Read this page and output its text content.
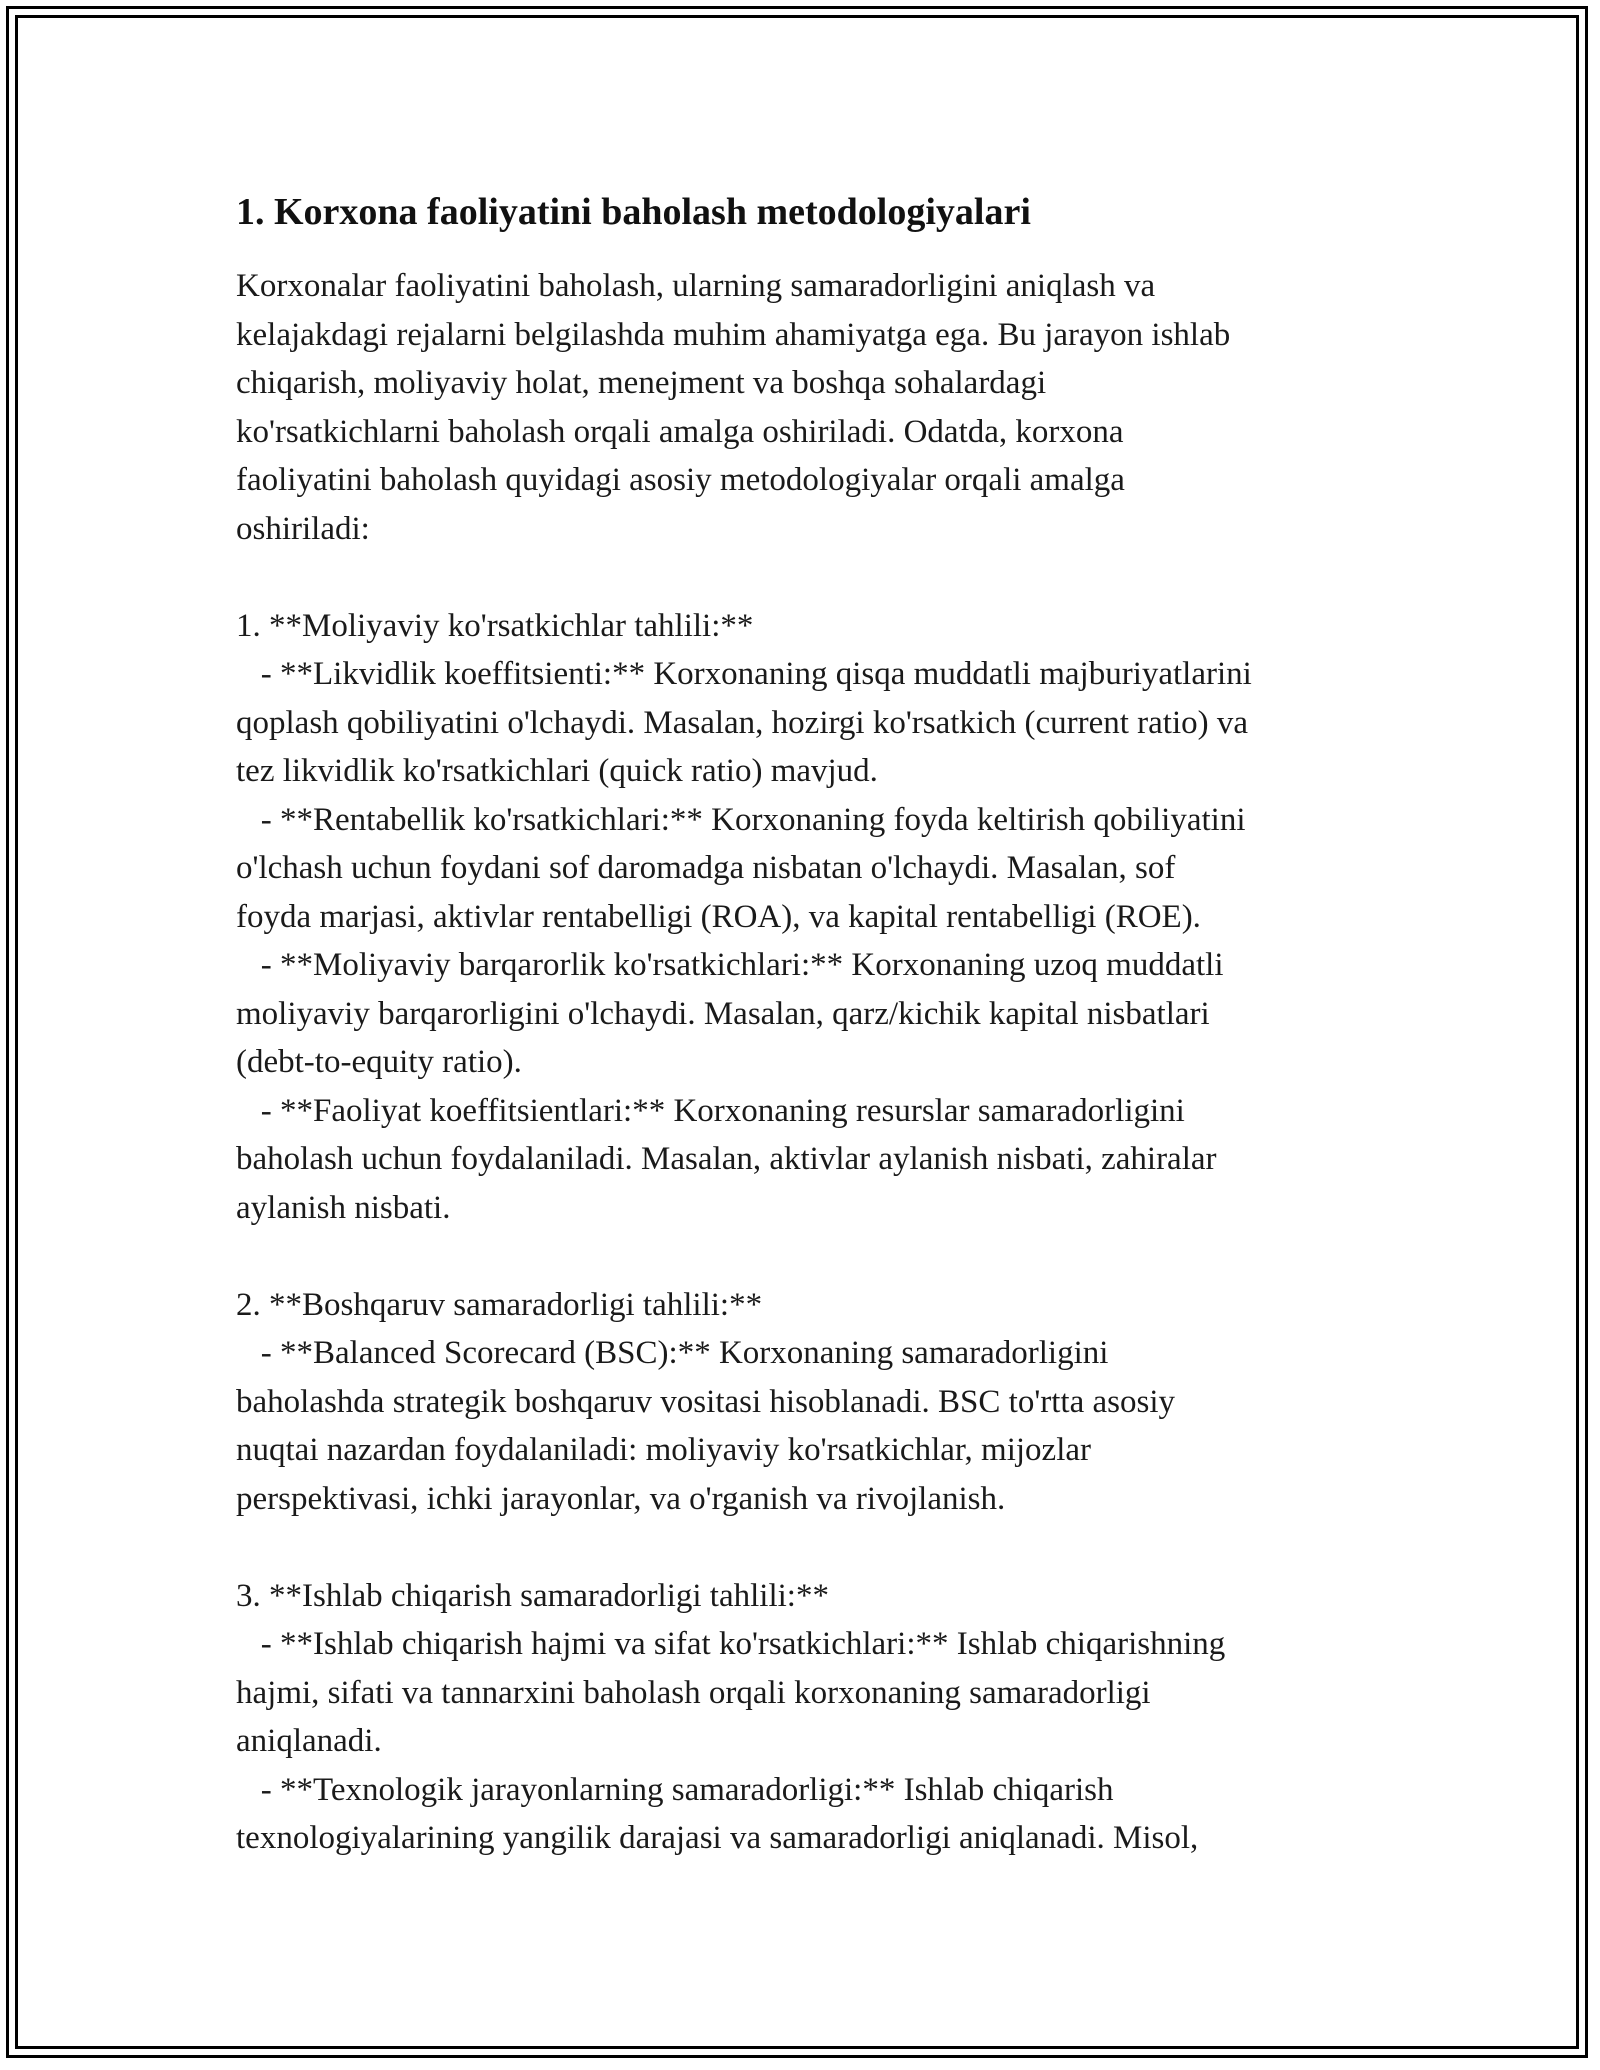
1. Korxona faoliyatini baholash metodologiyalari

Korxonalar faoliyatini baholash, ularning samaradorligini aniqlash va
kelajakdagi rejalarni belgilashda muhim ahamiyatga ega. Bu jarayon ishlab
chiqarish, moliyaviy holat, menejment va boshqa sohalardagi
ko'rsatkichlarni baholash orqali amalga oshiriladi. Odatda, korxona
faoliyatini baholash quyidagi asosiy metodologiyalar orqali amalga
oshiriladi:

1. **Moliyaviy ko'rsatkichlar tahlili:**
- **Likvidlik koeffitsienti:** Korxonaning qisqa muddatli majburiyatlarini
qoplash qobiliyatini o'lchaydi. Masalan, hozirgi ko'rsatkich (current ratio) va
tez likvidlik ko'rsatkichlari (quick ratio) mavjud.
- **Rentabellik ko'rsatkichlari:** Korxonaning foyda keltirish qobiliyatini
o'lchash uchun foydani sof daromadga nisbatan o'lchaydi. Masalan, sof
foyda marjasi, aktivlar rentabelligi (ROA), va kapital rentabelligi (ROE).
- **Moliyaviy barqarorlik ko'rsatkichlari:** Korxonaning uzoq muddatli
moliyaviy barqarorligini o'lchaydi. Masalan, qarz/kichik kapital nisbatlari
(debt-to-equity ratio).
- **Faoliyat koeffitsientlari:** Korxonaning resurslar samaradorligini
baholash uchun foydalaniladi. Masalan, aktivlar aylanish nisbati, zahiralar
aylanish nisbati.

2. **Boshqaruv samaradorligi tahlili:**
- **Balanced Scorecard (BSC):** Korxonaning samaradorligini
baholashda strategik boshqaruv vositasi hisoblanadi. BSC to'rtta asosiy
nuqtai nazardan foydalaniladi: moliyaviy ko'rsatkichlar, mijozlar
perspektivasi, ichki jarayonlar, va o'rganish va rivojlanish.

3. **Ishlab chiqarish samaradorligi tahlili:**
- **Ishlab chiqarish hajmi va sifat ko'rsatkichlari:** Ishlab chiqarishning
hajmi, sifati va tannarxini baholash orqali korxonaning samaradorligi
aniqlanadi.
- **Texnologik jarayonlarning samaradorligi:** Ishlab chiqarish
texnologiyalarining yangilik darajasi va samaradorligi aniqlanadi. Misol,
